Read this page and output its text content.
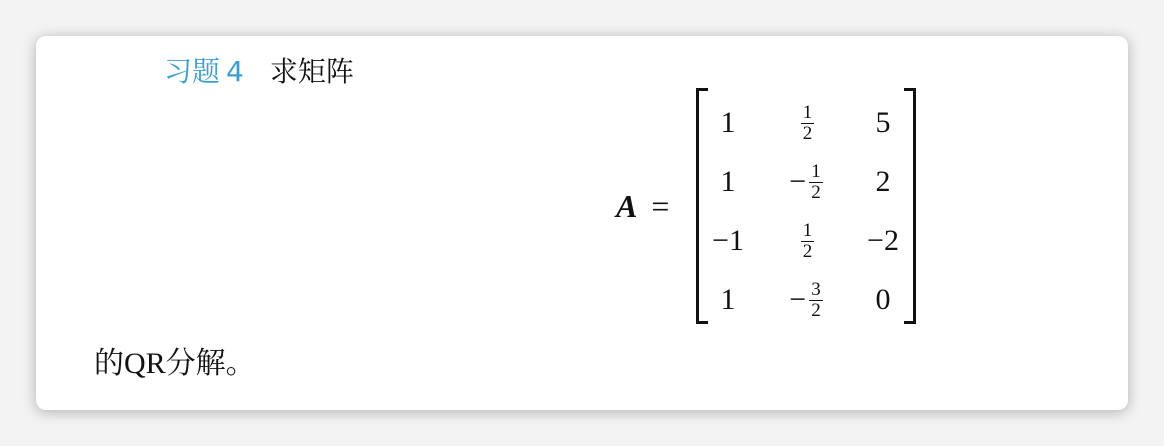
习题 4 求矩阵
A =
1	$\frac{1}{2}$	5
1	− $\frac{1}{2}$	2
−1	$\frac{1}{2}$	−2
1	− $\frac{3}{2}$	0
的QR分解。
